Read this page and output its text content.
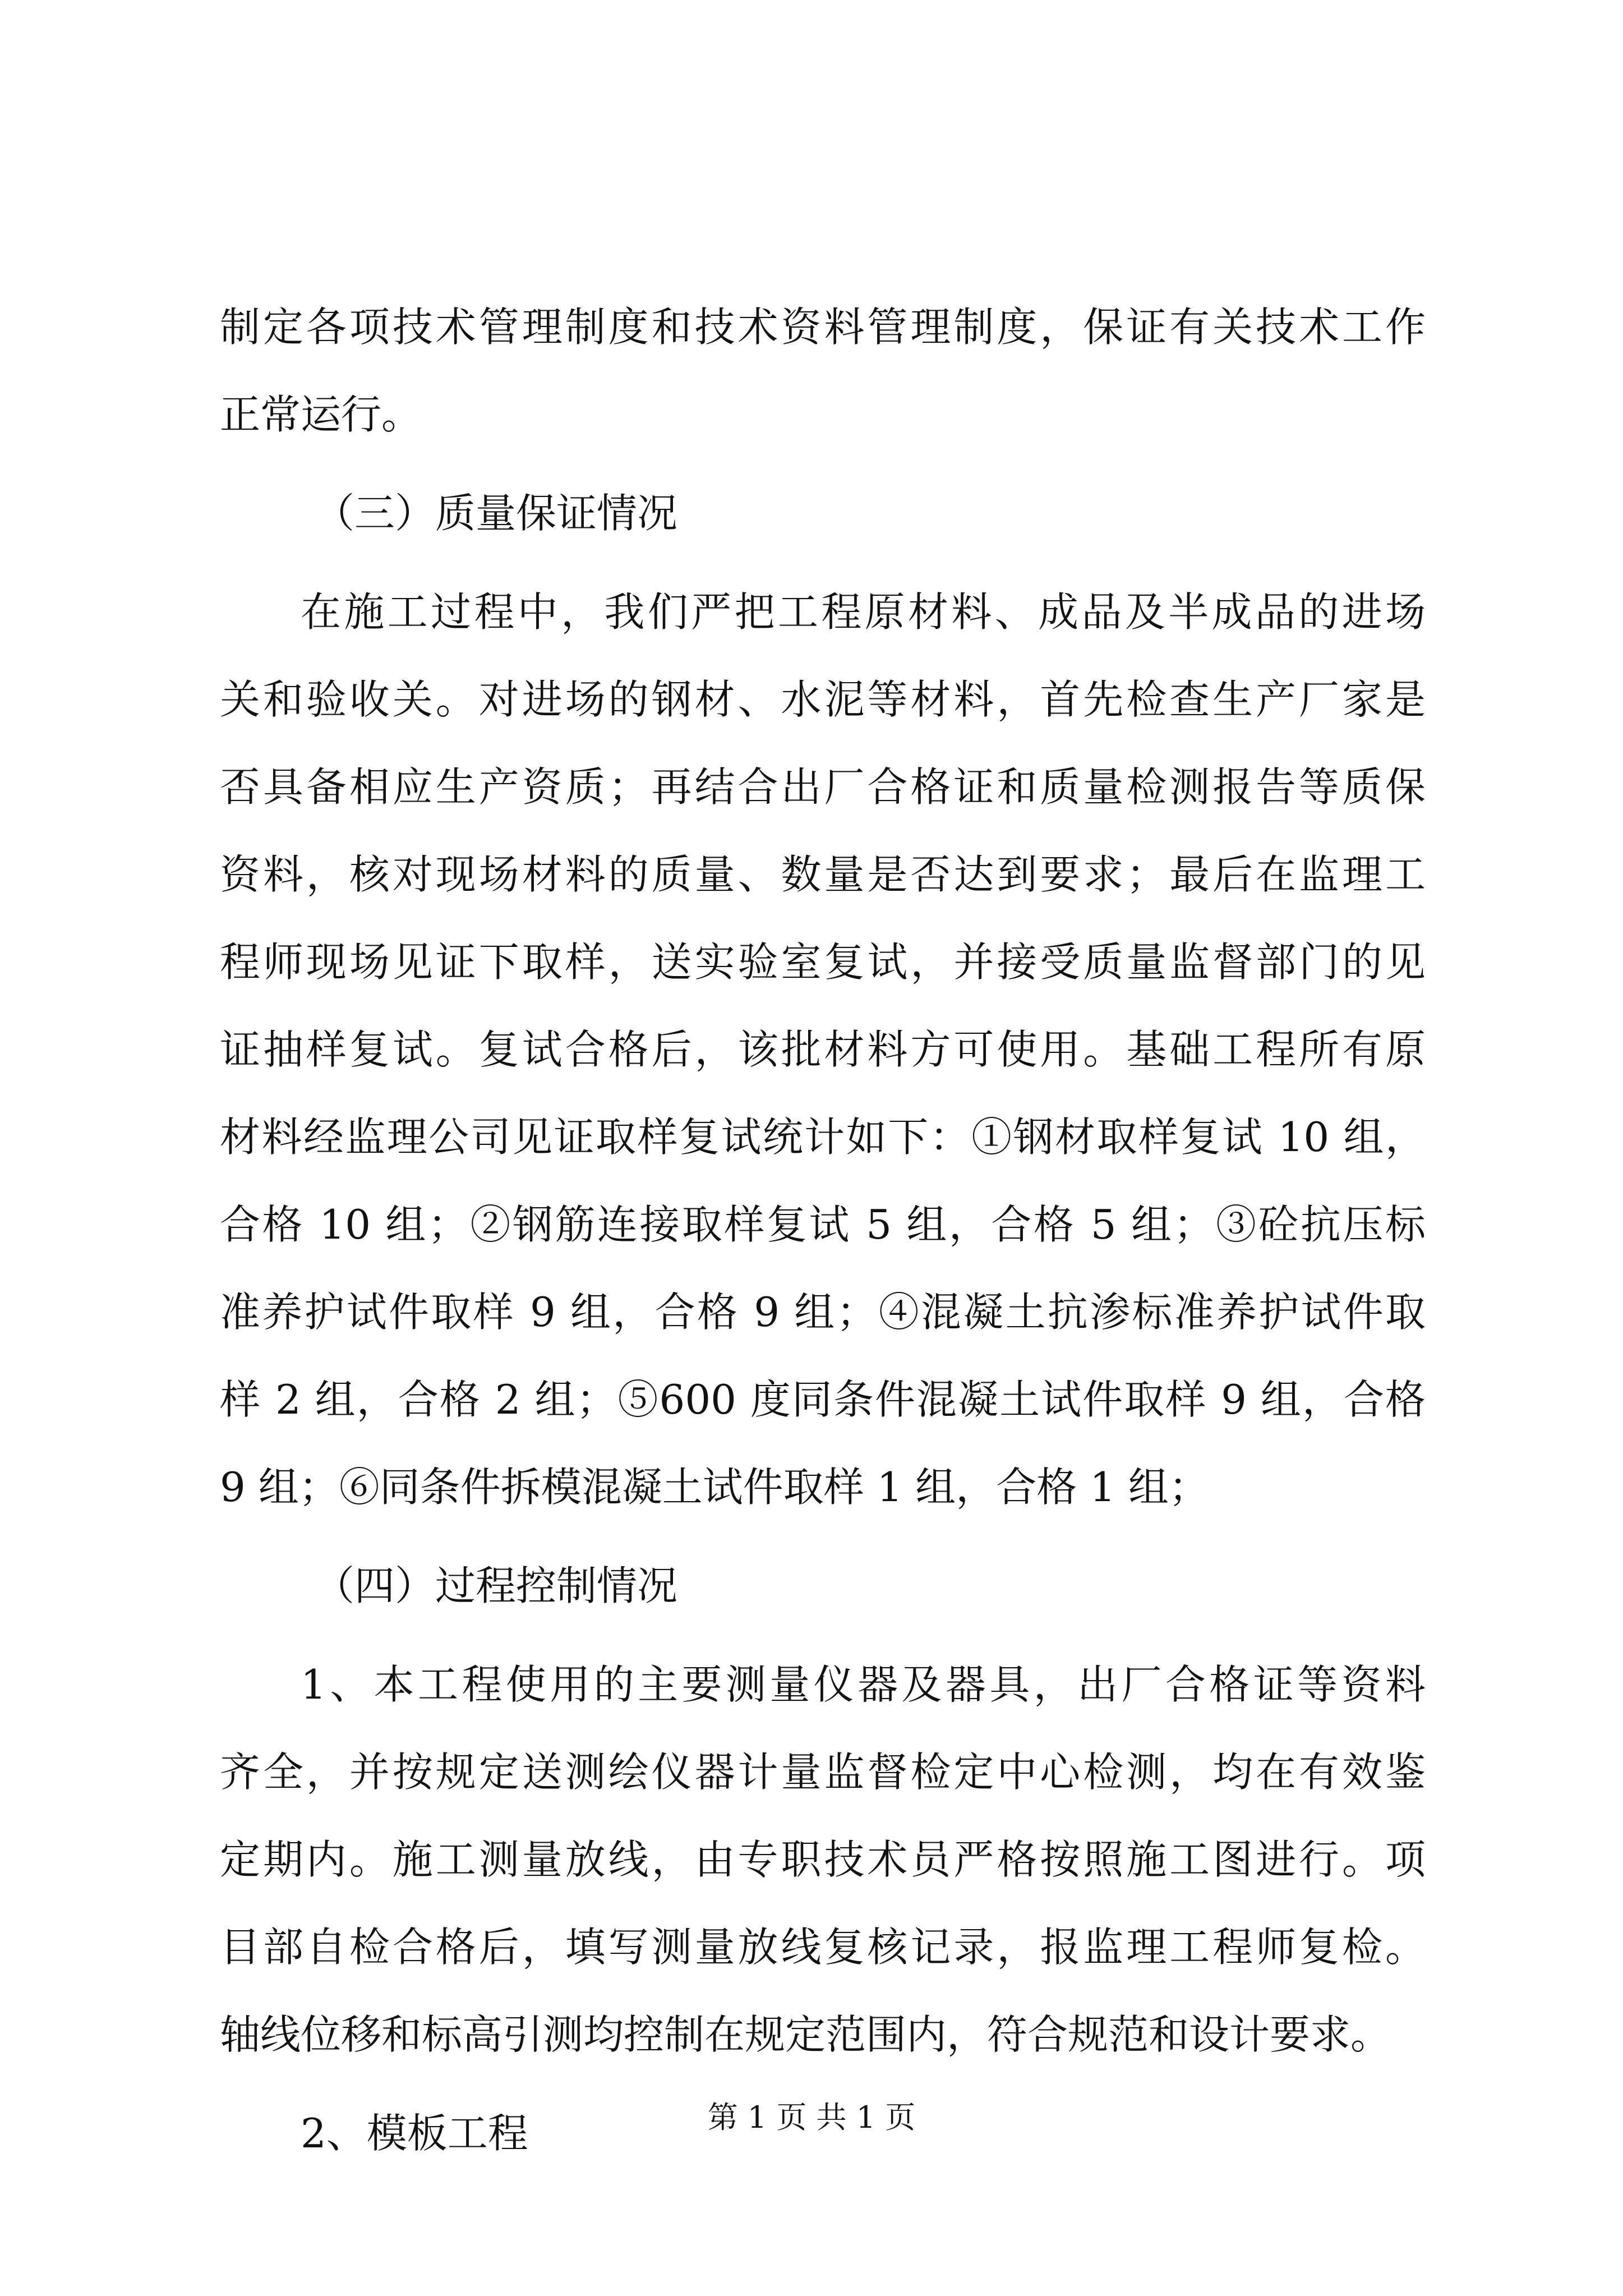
制定各项技术管理制度和技术资料管理制度，保证有关技术工作
正常运行。
（三）质量保证情况
在施工过程中，我们严把工程原材料、成品及半成品的进场
关和验收关。对进场的钢材、水泥等材料，首先检查生产厂家是
否具备相应生产资质；再结合出厂合格证和质量检测报告等质保
资料，核对现场材料的质量、数量是否达到要求；最后在监理工
程师现场见证下取样，送实验室复试，并接受质量监督部门的见
证抽样复试。复试合格后，该批材料方可使用。基础工程所有原
材料经监理公司见证取样复试统计如下：①钢材取样复试 10 组，
合格 10 组；②钢筋连接取样复试 5 组，合格 5 组；③砼抗压标
准养护试件取样 9 组，合格 9 组；④混凝土抗渗标准养护试件取
样 2 组，合格 2 组；⑤600 度同条件混凝土试件取样 9 组，合格
9 组；⑥同条件拆模混凝土试件取样 1 组，合格 1 组；
（四）过程控制情况
1、本工程使用的主要测量仪器及器具，出厂合格证等资料
齐全，并按规定送测绘仪器计量监督检定中心检测，均在有效鉴
定期内。施工测量放线，由专职技术员严格按照施工图进行。项
目部自检合格后，填写测量放线复核记录，报监理工程师复检。
轴线位移和标高引测均控制在规定范围内，符合规范和设计要求。
2、模板工程	第 1 页 共 1 页
